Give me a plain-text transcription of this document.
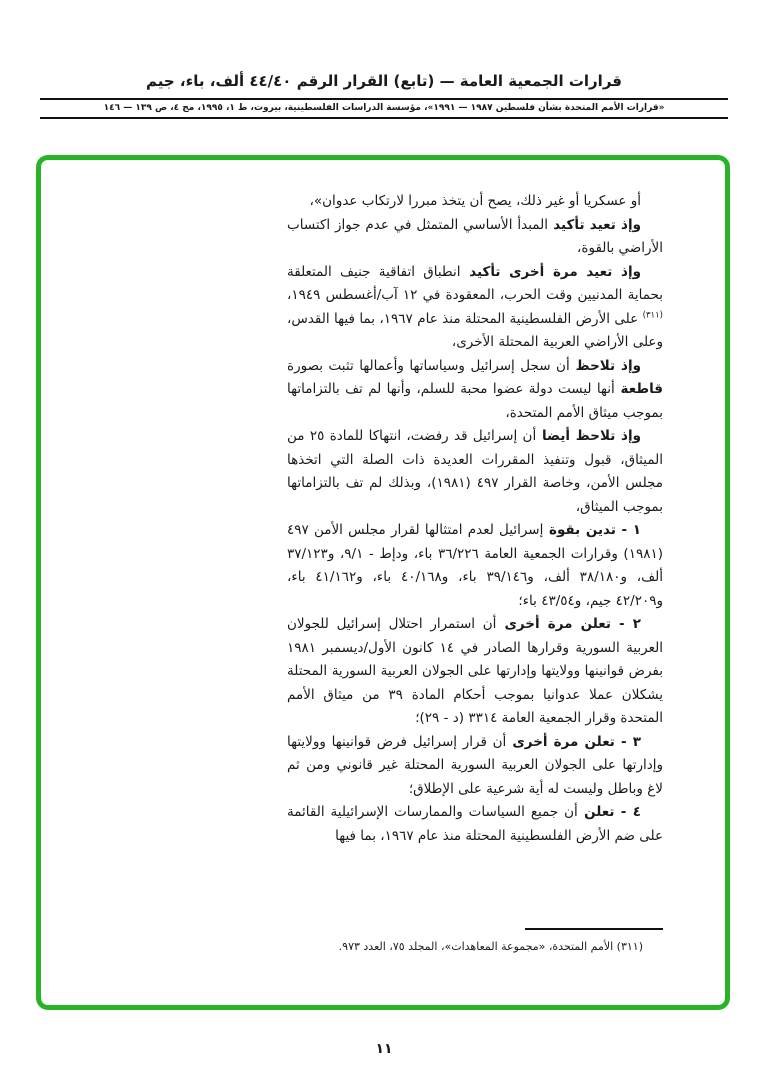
قرارات الجمعية العامة — (تابع) القرار الرقم ٤٤/٤٠ ألف، باء، جيم
«قرارات الأمم المتحدة بشأن فلسطين ١٩٨٧ — ١٩٩١»، مؤسسة الدراسات الفلسطينية، بيروت، ط ١، ١٩٩٥، مج ٤، ص ١٣٩ — ١٤٦

أو عسكريا أو غير ذلك، يصح أن يتخذ مبررا لارتكاب عدوان»،

وإذ تعيد تأكيد المبدأ الأساسي المتمثل في عدم جواز اكتساب الأراضي بالقوة،

وإذ تعيد مرة أخرى تأكيد انطباق اتفاقية جنيف المتعلقة بحماية المدنيين وقت الحرب، المعقودة في ١٢ آب/أغسطس ١٩٤٩،$^{(٣١١)}$ على الأرض الفلسطينية المحتلة منذ عام ١٩٦٧، بما فيها القدس، وعلى الأراضي العربية المحتلة الأخرى،

وإذ تلاحظ أن سجل إسرائيل وسياساتها وأعمالها تثبت بصورة قاطعة أنها ليست دولة عضوا محبة للسلم، وأنها لم تف بالتزاماتها بموجب ميثاق الأمم المتحدة،

وإذ تلاحظ أيضا أن إسرائيل قد رفضت، انتهاكا للمادة ٢٥ من الميثاق، قبول وتنفيذ المقررات العديدة ذات الصلة التي اتخذها مجلس الأمن، وخاصة القرار ٤٩٧ (١٩٨١)، وبذلك لم تف بالتزاماتها بموجب الميثاق،

١ - تدين بقوة إسرائيل لعدم امتثالها لقرار مجلس الأمن ٤٩٧ (١٩٨١) وقرارات الجمعية العامة ٣٦/٢٢٦ باء، ودإط - ٩/١، و٣٧/١٢٣ ألف، و٣٨/١٨٠ ألف، و٣٩/١٤٦ باء، و٤٠/١٦٨ باء، و٤١/١٦٢ باء، و٤٢/٢٠٩ جيم، و٤٣/٥٤ باء؛

٢ - تعلن مرة أخرى أن استمرار احتلال إسرائيل للجولان العربية السورية وقرارها الصادر في ١٤ كانون الأول/ديسمبر ١٩٨١ بفرض قوانينها وولايتها وإدارتها على الجولان العربية السورية المحتلة يشكلان عملا عدوانيا بموجب أحكام المادة ٣٩ من ميثاق الأمم المتحدة وقرار الجمعية العامة ٣٣١٤ (د - ٢٩)؛

٣ - تعلن مرة أخرى أن قرار إسرائيل فرض قوانينها وولايتها وإدارتها على الجولان العربية السورية المحتلة غير قانوني ومن ثم لاغ وباطل وليست له أية شرعية على الإطلاق؛

٤ - تعلن أن جميع السياسات والممارسات الإسرائيلية القائمة على ضم الأرض الفلسطينية المحتلة منذ عام ١٩٦٧، بما فيها

(٣١١) الأمم المتحدة، «مجموعة المعاهدات»، المجلد ٧٥، العدد ٩٧٣.
١١
